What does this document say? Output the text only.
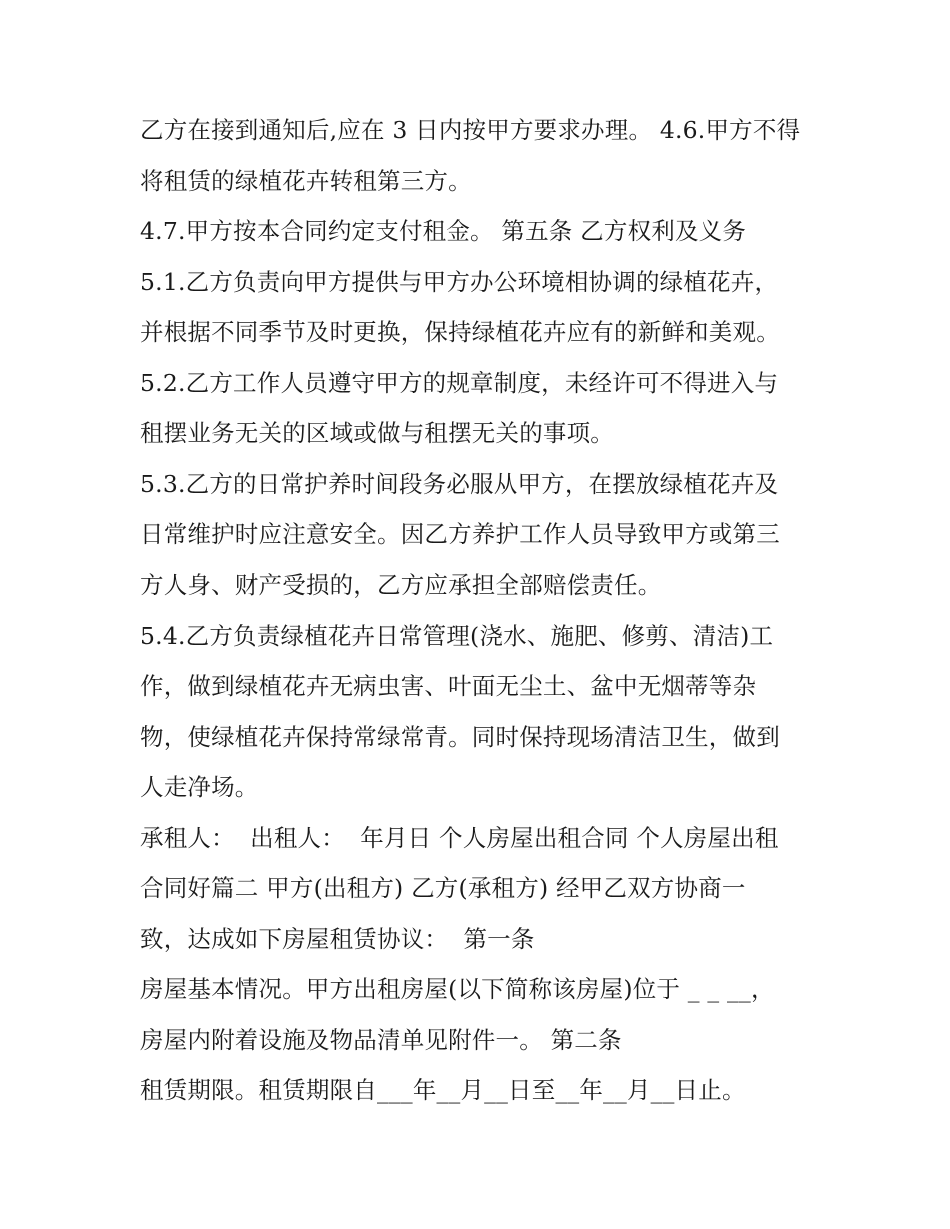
乙方在接到通知后,应在 3 日内按甲方要求办理。 4.6.甲方不得

将租赁的绿植花卉转租第三方。

4.7.甲方按本合同约定支付租金。 第五条 乙方权利及义务

5.1.乙方负责向甲方提供与甲方办公环境相协调的绿植花卉，

并根据不同季节及时更换，保持绿植花卉应有的新鲜和美观。

5.2.乙方工作人员遵守甲方的规章制度，未经许可不得进入与

租摆业务无关的区域或做与租摆无关的事项。

5.3.乙方的日常护养时间段务必服从甲方，在摆放绿植花卉及

日常维护时应注意安全。因乙方养护工作人员导致甲方或第三

方人身、财产受损的，乙方应承担全部赔偿责任。

5.4.乙方负责绿植花卉日常管理(浇水、施肥、修剪、清洁)工

作，做到绿植花卉无病虫害、叶面无尘土、盆中无烟蒂等杂

物，使绿植花卉保持常绿常青。同时保持现场清洁卫生，做到

人走净场。

承租人：  出租人：  年月日 个人房屋出租合同 个人房屋出租

合同好篇二 甲方(出租方) 乙方(承租方) 经甲乙双方协商一

致，达成如下房屋租赁协议：  第一条

房屋基本情况。甲方出租房屋(以下简称该房屋)位于 _ _ __，

房屋内附着设施及物品清单见附件一。 第二条

租赁期限。租赁期限自___年__月__日至__年__月__日止。
